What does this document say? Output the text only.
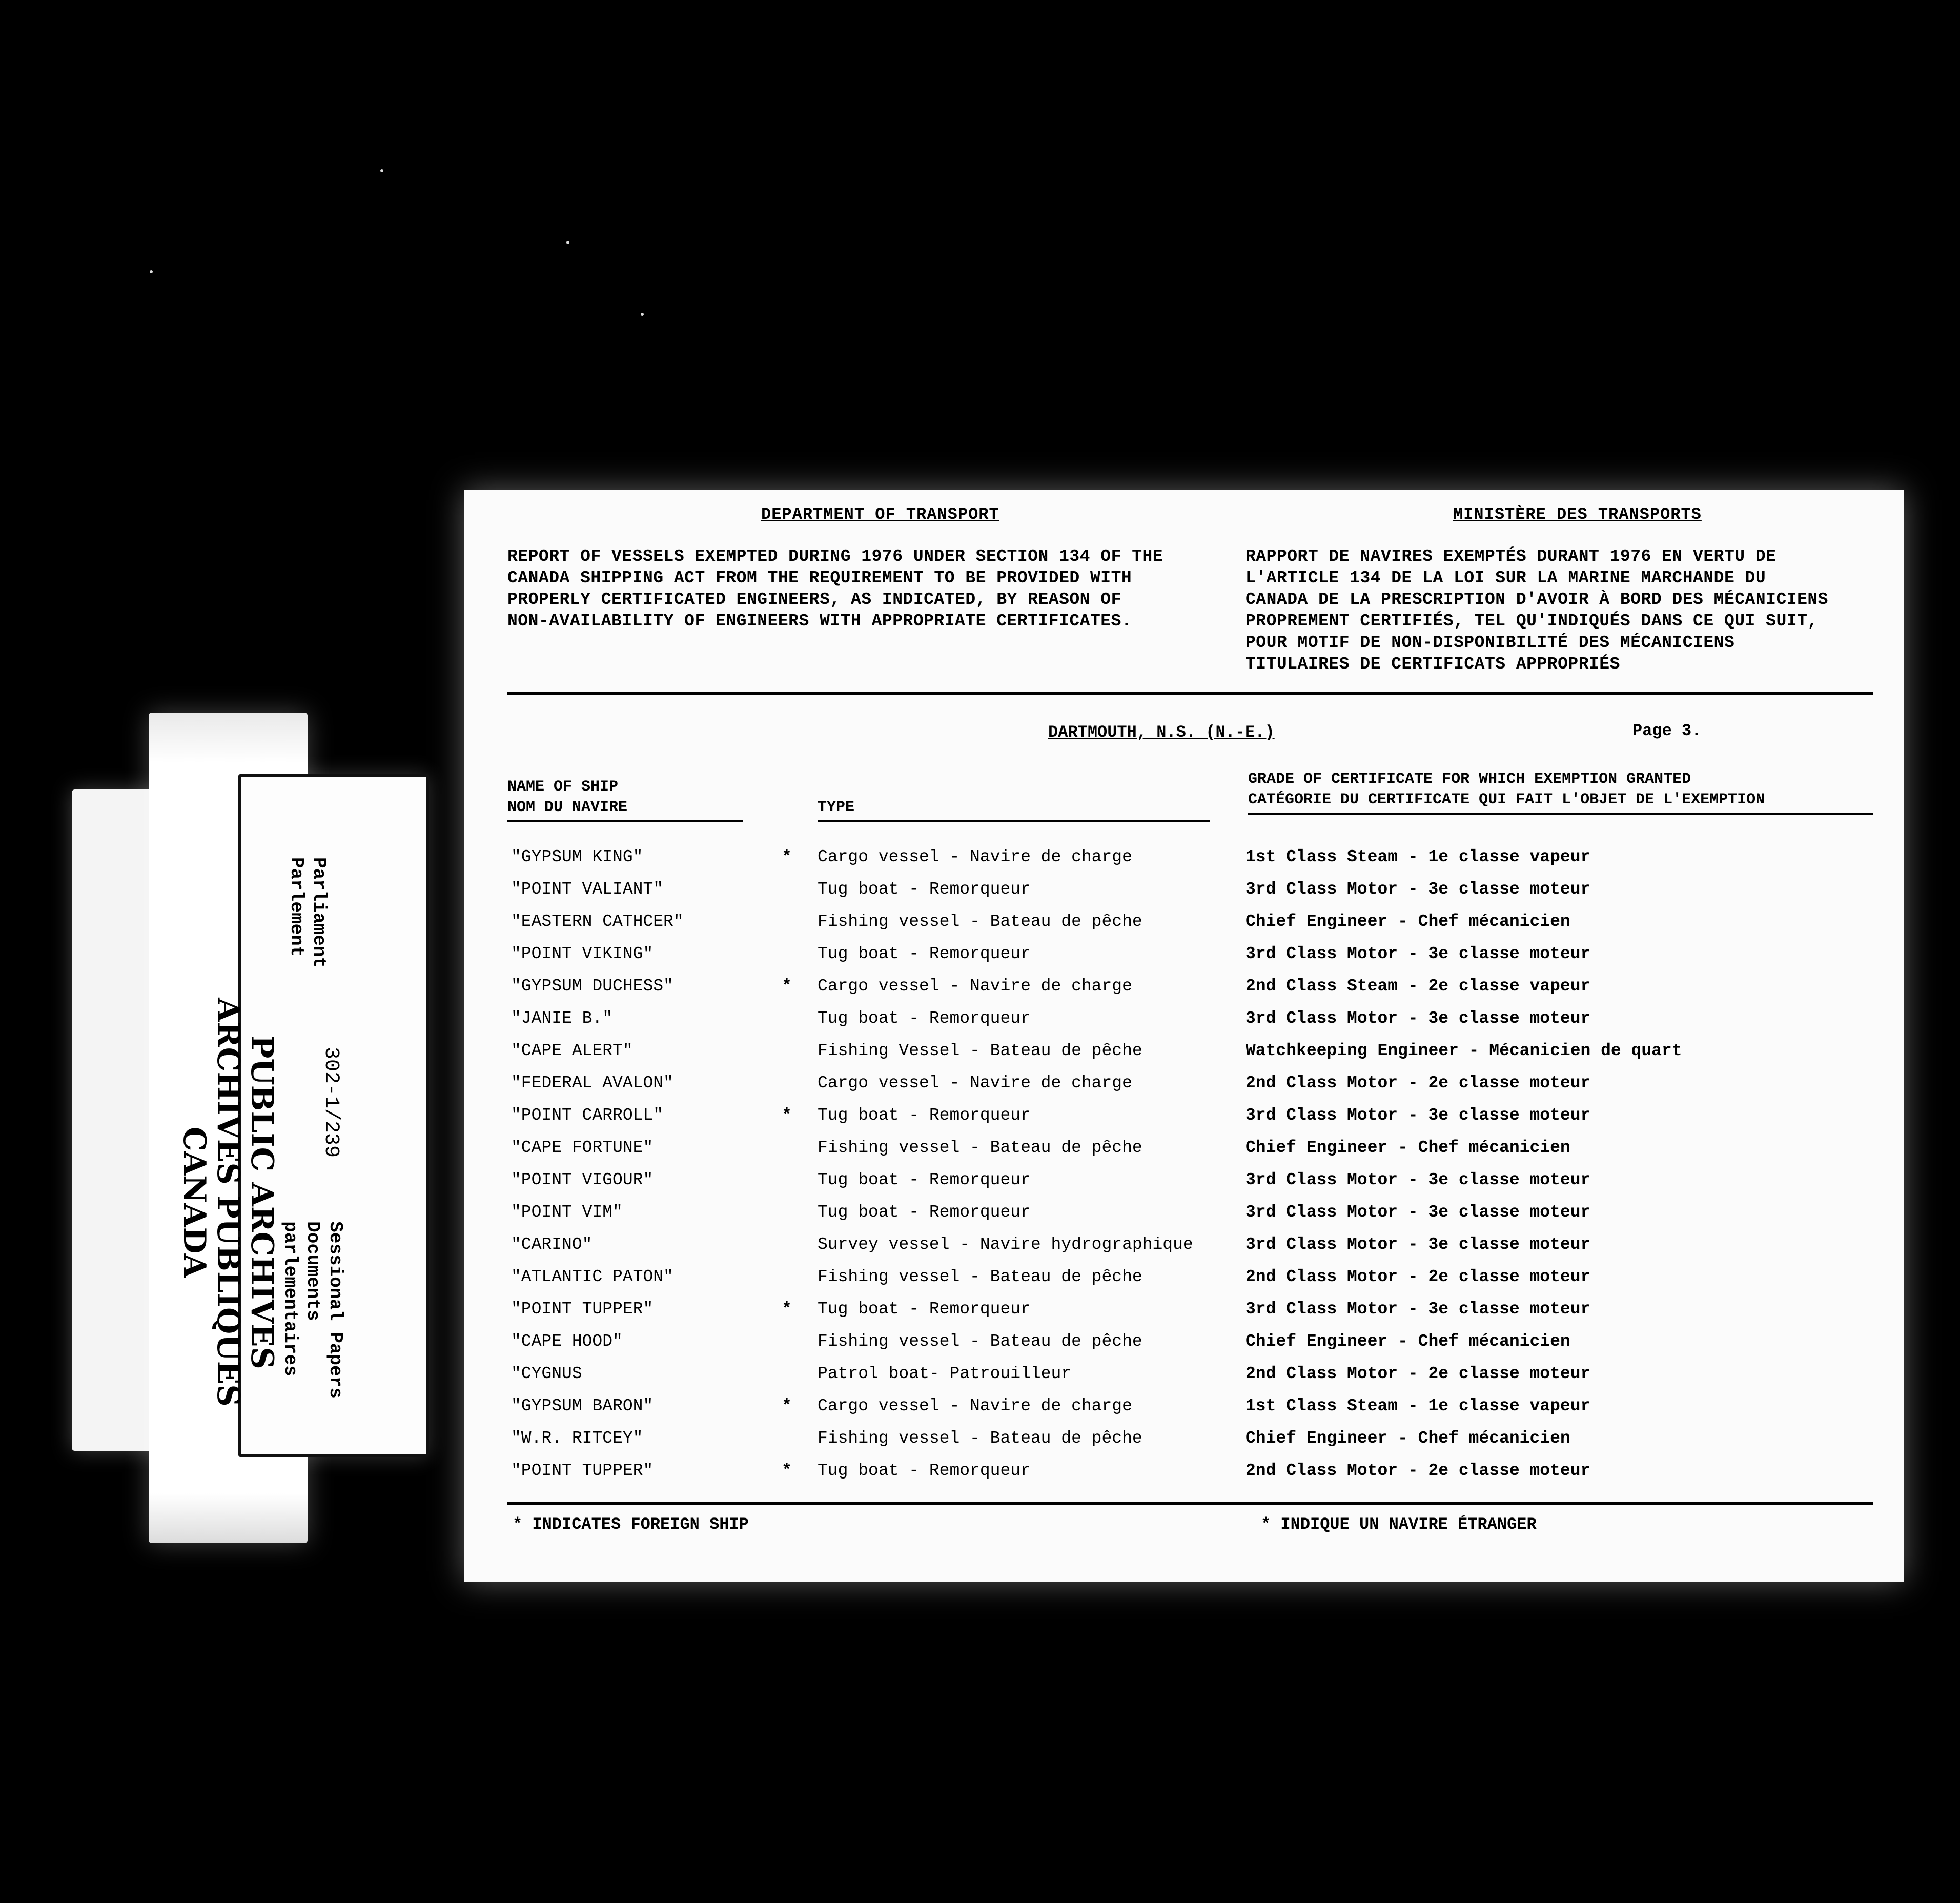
PUBLIC ARCHIVES
ARCHIVES PUBLIQUES
CANADA
Parliament
Parlement
302-1/239
Sessional Papers
Documents
parlementaires
DEPARTMENT OF TRANSPORT	MINISTÈRE DES TRANSPORTS
REPORT OF VESSELS EXEMPTED DURING 1976 UNDER SECTION 134 OF THE
CANADA SHIPPING ACT FROM THE REQUIREMENT TO BE PROVIDED WITH
PROPERLY CERTIFICATED ENGINEERS, AS INDICATED, BY REASON OF
NON-AVAILABILITY OF ENGINEERS WITH APPROPRIATE CERTIFICATES.
RAPPORT DE NAVIRES EXEMPTÉS DURANT 1976 EN VERTU DE
L'ARTICLE 134 DE LA LOI SUR LA MARINE MARCHANDE DU
CANADA DE LA PRESCRIPTION D'AVOIR À BORD DES MÉCANICIENS
PROPREMENT CERTIFIÉS, TEL QU'INDIQUÉS DANS CE QUI SUIT,
POUR MOTIF DE NON-DISPONIBILITÉ DES MÉCANICIENS
TITULAIRES DE CERTIFICATS APPROPRIÉS
DARTMOUTH, N.S. (N.-E.)	Page 3.
NAME OF SHIP
NOM DU NAVIRE	TYPE
GRADE OF CERTIFICATE FOR WHICH EXEMPTION GRANTED
CATÉGORIE DU CERTIFICATE QUI FAIT L'OBJET DE L'EXEMPTION
"GYPSUM KING"	* Cargo vessel - Navire de charge	1st Class Steam - 1e classe vapeur
"POINT VALIANT"	Tug boat - Remorqueur	3rd Class Motor - 3e classe moteur
"EASTERN CATHCER"	Fishing vessel - Bateau de pêche	Chief Engineer - Chef mécanicien
"POINT VIKING"	Tug boat - Remorqueur	3rd Class Motor - 3e classe moteur
"GYPSUM DUCHESS"	* Cargo vessel - Navire de charge	2nd Class Steam - 2e classe vapeur
"JANIE B."	Tug boat - Remorqueur	3rd Class Motor - 3e classe moteur
"CAPE ALERT"	Fishing Vessel - Bateau de pêche	Watchkeeping Engineer - Mécanicien de quart
"FEDERAL AVALON"	Cargo vessel - Navire de charge	2nd Class Motor - 2e classe moteur
"POINT CARROLL"	* Tug boat - Remorqueur	3rd Class Motor - 3e classe moteur
"CAPE FORTUNE"	Fishing vessel - Bateau de pêche	Chief Engineer - Chef mécanicien
"POINT VIGOUR"	Tug boat - Remorqueur	3rd Class Motor - 3e classe moteur
"POINT VIM"	Tug boat - Remorqueur	3rd Class Motor - 3e classe moteur
"CARINO"	Survey vessel - Navire hydrographique	3rd Class Motor - 3e classe moteur
"ATLANTIC PATON"	Fishing vessel - Bateau de pêche	2nd Class Motor - 2e classe moteur
"POINT TUPPER"	* Tug boat - Remorqueur	3rd Class Motor - 3e classe moteur
"CAPE HOOD"	Fishing vessel - Bateau de pêche	Chief Engineer - Chef mécanicien
"CYGNUS	Patrol boat- Patrouilleur	2nd Class Motor - 2e classe moteur
"GYPSUM BARON"	* Cargo vessel - Navire de charge	1st Class Steam - 1e classe vapeur
"W.R. RITCEY"	Fishing vessel - Bateau de pêche	Chief Engineer - Chef mécanicien
"POINT TUPPER"	* Tug boat - Remorqueur	2nd Class Motor - 2e classe moteur
* INDICATES FOREIGN SHIP	* INDIQUE UN NAVIRE ÉTRANGER
